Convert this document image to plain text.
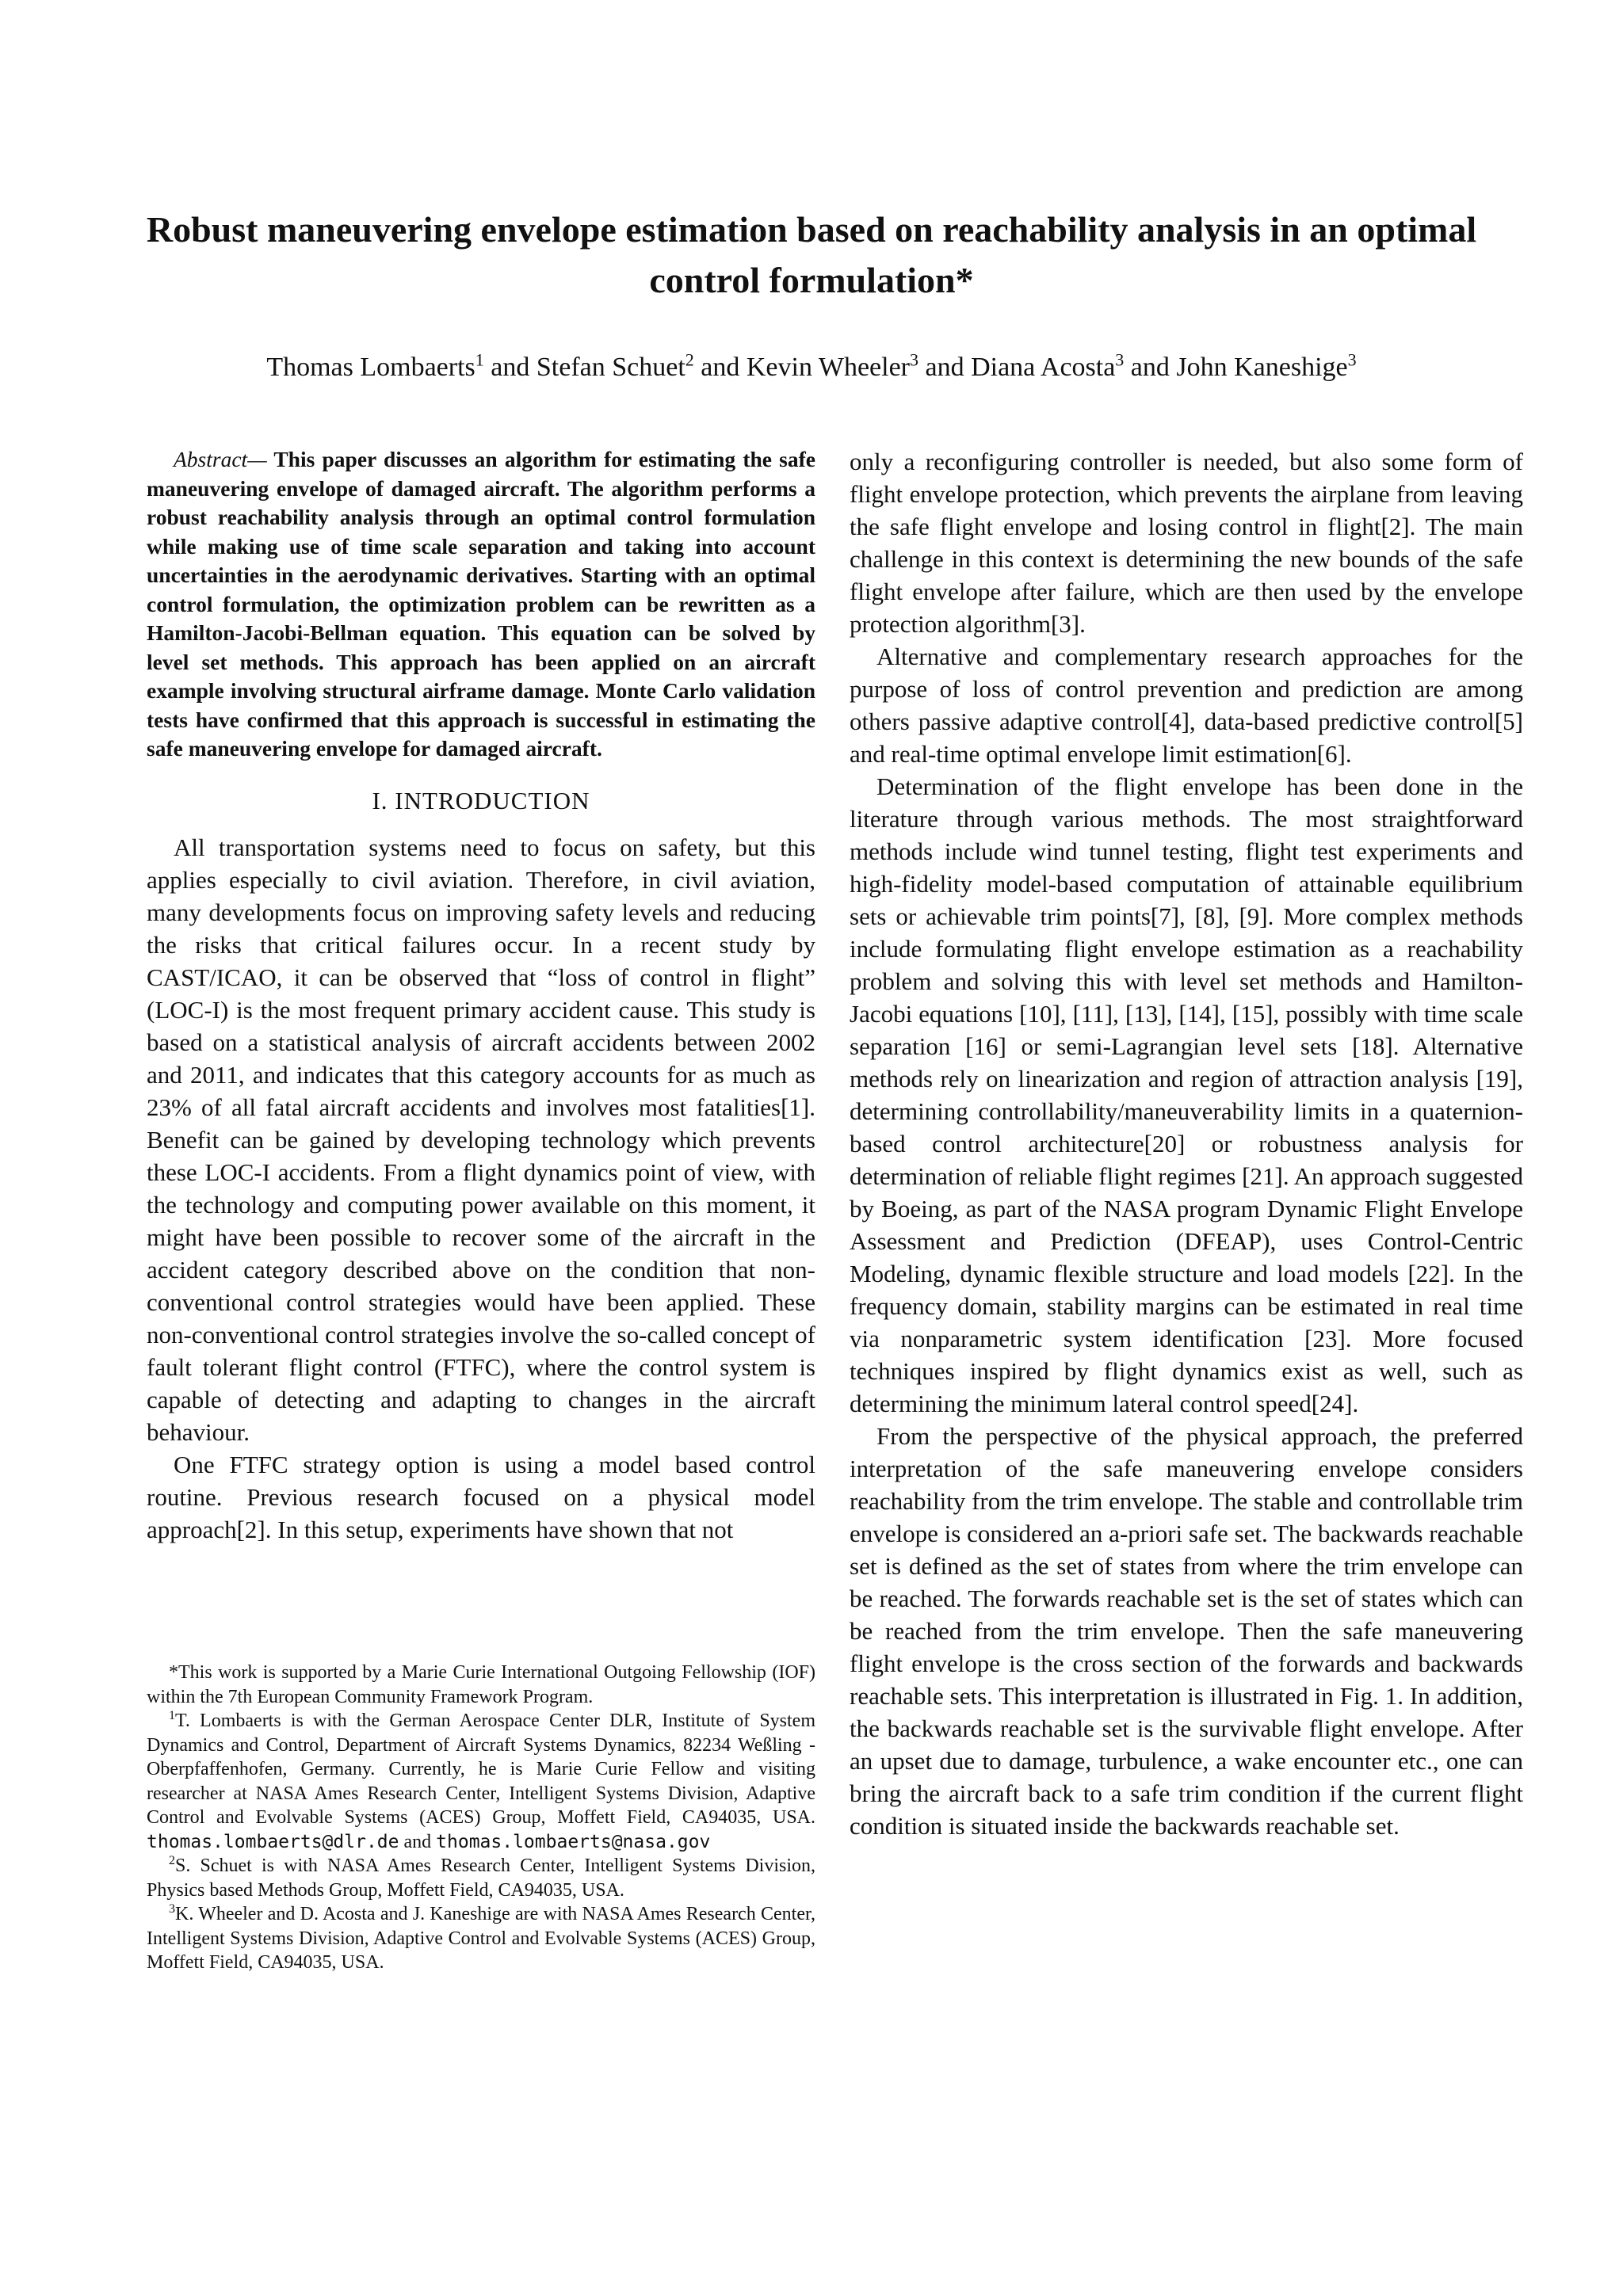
Robust maneuvering envelope estimation based on reachability analysis in an optimal control formulation*
Thomas Lombaerts$^1$ and Stefan Schuet$^2$ and Kevin Wheeler$^3$ and Diana Acosta$^3$ and John Kaneshige$^3$

Abstract— This paper discusses an algorithm for estimating the safe maneuvering envelope of damaged aircraft. The algorithm performs a robust reachability analysis through an optimal control formulation while making use of time scale separation and taking into account uncertainties in the aerodynamic derivatives. Starting with an optimal control formulation, the optimization problem can be rewritten as a Hamilton-Jacobi-Bellman equation. This equation can be solved by level set methods. This approach has been applied on an aircraft example involving structural airframe damage. Monte Carlo validation tests have confirmed that this approach is successful in estimating the safe maneuvering envelope for damaged aircraft.

I. INTRODUCTION

All transportation systems need to focus on safety, but this applies especially to civil aviation. Therefore, in civil aviation, many developments focus on improving safety levels and reducing the risks that critical failures occur. In a recent study by CAST/ICAO, it can be observed that “loss of control in flight” (LOC-I) is the most frequent primary accident cause. This study is based on a statistical analysis of aircraft accidents between 2002 and 2011, and indicates that this category accounts for as much as 23% of all fatal aircraft accidents and involves most fatalities[1]. Benefit can be gained by developing technology which prevents these LOC-I accidents. From a flight dynamics point of view, with the technology and computing power available on this moment, it might have been possible to recover some of the aircraft in the accident category described above on the condition that non-conventional control strategies would have been applied. These non-conventional control strategies involve the so-called concept of fault tolerant flight control (FTFC), where the control system is capable of detecting and adapting to changes in the aircraft behaviour.

One FTFC strategy option is using a model based control routine. Previous research focused on a physical model approach[2]. In this setup, experiments have shown that not

*This work is supported by a Marie Curie International Outgoing Fellowship (IOF) within the 7th European Community Framework Program.

$^1$T. Lombaerts is with the German Aerospace Center DLR, Institute of System Dynamics and Control, Department of Aircraft Systems Dynamics, 82234 Weßling - Oberpfaffenhofen, Germany. Currently, he is Marie Curie Fellow and visiting researcher at NASA Ames Research Center, Intelligent Systems Division, Adaptive Control and Evolvable Systems (ACES) Group, Moffett Field, CA94035, USA. thomas.lombaerts@dlr.de and thomas.lombaerts@nasa.gov

$^2$S. Schuet is with NASA Ames Research Center, Intelligent Systems Division, Physics based Methods Group, Moffett Field, CA94035, USA.

$^3$K. Wheeler and D. Acosta and J. Kaneshige are with NASA Ames Research Center, Intelligent Systems Division, Adaptive Control and Evolvable Systems (ACES) Group, Moffett Field, CA94035, USA.

only a reconfiguring controller is needed, but also some form of flight envelope protection, which prevents the airplane from leaving the safe flight envelope and losing control in flight[2]. The main challenge in this context is determining the new bounds of the safe flight envelope after failure, which are then used by the envelope protection algorithm[3].

Alternative and complementary research approaches for the purpose of loss of control prevention and prediction are among others passive adaptive control[4], data-based predictive control[5] and real-time optimal envelope limit estimation[6].

Determination of the flight envelope has been done in the literature through various methods. The most straightforward methods include wind tunnel testing, flight test experiments and high-fidelity model-based computation of attainable equilibrium sets or achievable trim points[7], [8], [9]. More complex methods include formulating flight envelope estimation as a reachability problem and solving this with level set methods and Hamilton-Jacobi equations [10], [11], [13], [14], [15], possibly with time scale separation [16] or semi-Lagrangian level sets [18]. Alternative methods rely on linearization and region of attraction analysis [19], determining controllability/maneuverability limits in a quaternion-based control architecture[20] or robustness analysis for determination of reliable flight regimes [21]. An approach suggested by Boeing, as part of the NASA program Dynamic Flight Envelope Assessment and Prediction (DFEAP), uses Control-Centric Modeling, dynamic flexible structure and load models [22]. In the frequency domain, stability margins can be estimated in real time via nonparametric system identification [23]. More focused techniques inspired by flight dynamics exist as well, such as determining the minimum lateral control speed[24].

From the perspective of the physical approach, the preferred interpretation of the safe maneuvering envelope considers reachability from the trim envelope. The stable and controllable trim envelope is considered an a-priori safe set. The backwards reachable set is defined as the set of states from where the trim envelope can be reached. The forwards reachable set is the set of states which can be reached from the trim envelope. Then the safe maneuvering flight envelope is the cross section of the forwards and backwards reachable sets. This interpretation is illustrated in Fig. 1. In addition, the backwards reachable set is the survivable flight envelope. After an upset due to damage, turbulence, a wake encounter etc., one can bring the aircraft back to a safe trim condition if the current flight condition is situated inside the backwards reachable set.
